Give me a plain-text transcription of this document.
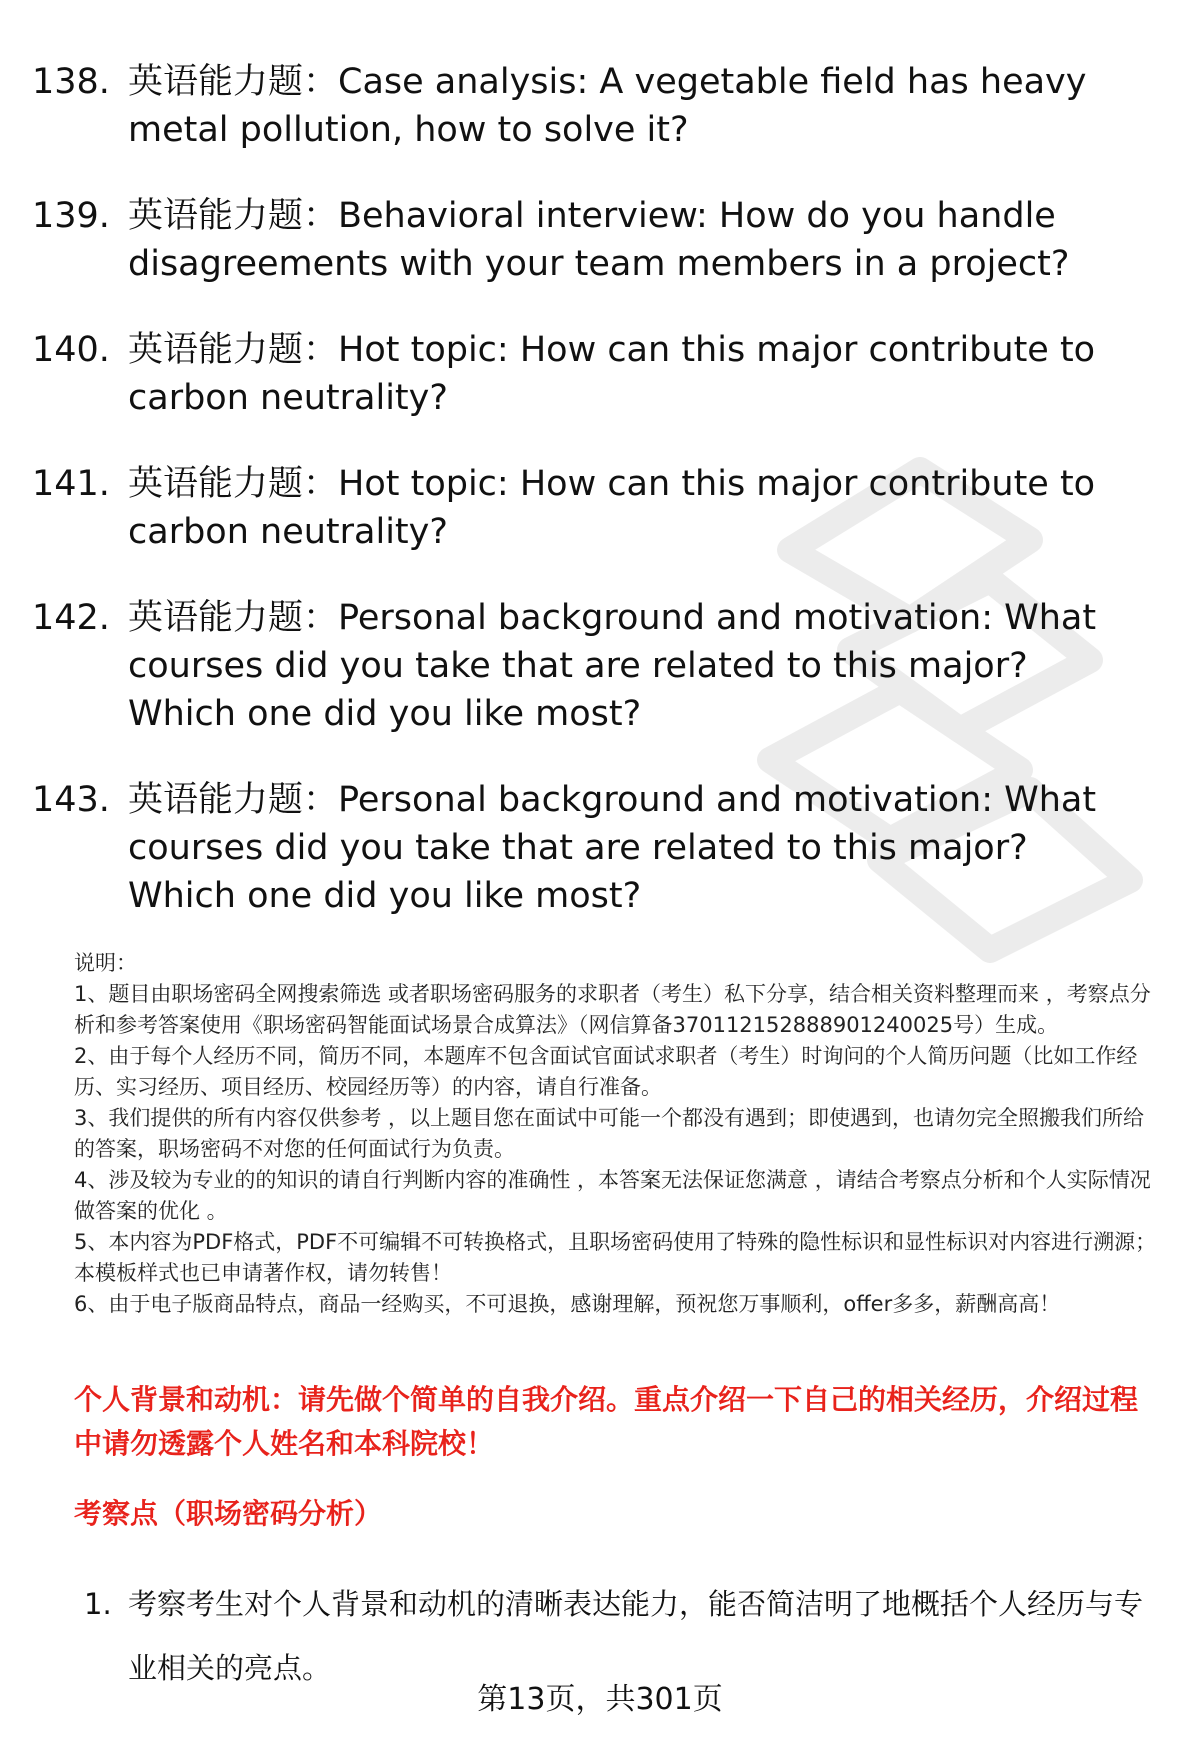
138. 英语能力题：Case analysis: A vegetable field has heavy metal pollution, how to solve it?
139. 英语能力题：Behavioral interview: How do you handle disagreements with your team members in a project?
140. 英语能力题：Hot topic: How can this major contribute to carbon neutrality?
141. 英语能力题：Hot topic: How can this major contribute to carbon neutrality?
142. 英语能力题：Personal background and motivation: What courses did you take that are related to this major? Which one did you like most?
143. 英语能力题：Personal background and motivation: What courses did you take that are related to this major? Which one did you like most?

说明：

1、题目由职场密码全网搜索筛选 或者职场密码服务的求职者（考生）私下分享，结合相关资料整理而来 ，考察点分析和参考答案使用《职场密码智能面试场景合成算法》（网信算备370112152888901240025号）生成。

2、由于每个人经历不同，简历不同，本题库不包含面试官面试求职者（考生）时询问的个人简历问题（比如工作经历、实习经历、项目经历、校园经历等）的内容，请自行准备。

3、我们提供的所有内容仅供参考 ，以上题目您在面试中可能一个都没有遇到；即使遇到，也请勿完全照搬我们所给的答案，职场密码不对您的任何面试行为负责。

4、涉及较为专业的的知识的请自行判断内容的准确性 ，本答案无法保证您满意 ，请结合考察点分析和个人实际情况做答案的优化 。

5、本内容为PDF格式，PDF不可编辑不可转换格式，且职场密码使用了特殊的隐性标识和显性标识对内容进行溯源；本模板样式也已申请著作权，请勿转售！

6、由于电子版商品特点，商品一经购买，不可退换，感谢理解，预祝您万事顺利，offer多多，薪酬高高！

个人背景和动机：请先做个简单的自我介绍。重点介绍一下自己的相关经历，介绍过程中请勿透露个人姓名和本科院校！
考察点（职场密码分析）
1. 考察考生对个人背景和动机的清晰表达能力，能否简洁明了地概括个人经历与专业相关的亮点。
第13页，共301页
